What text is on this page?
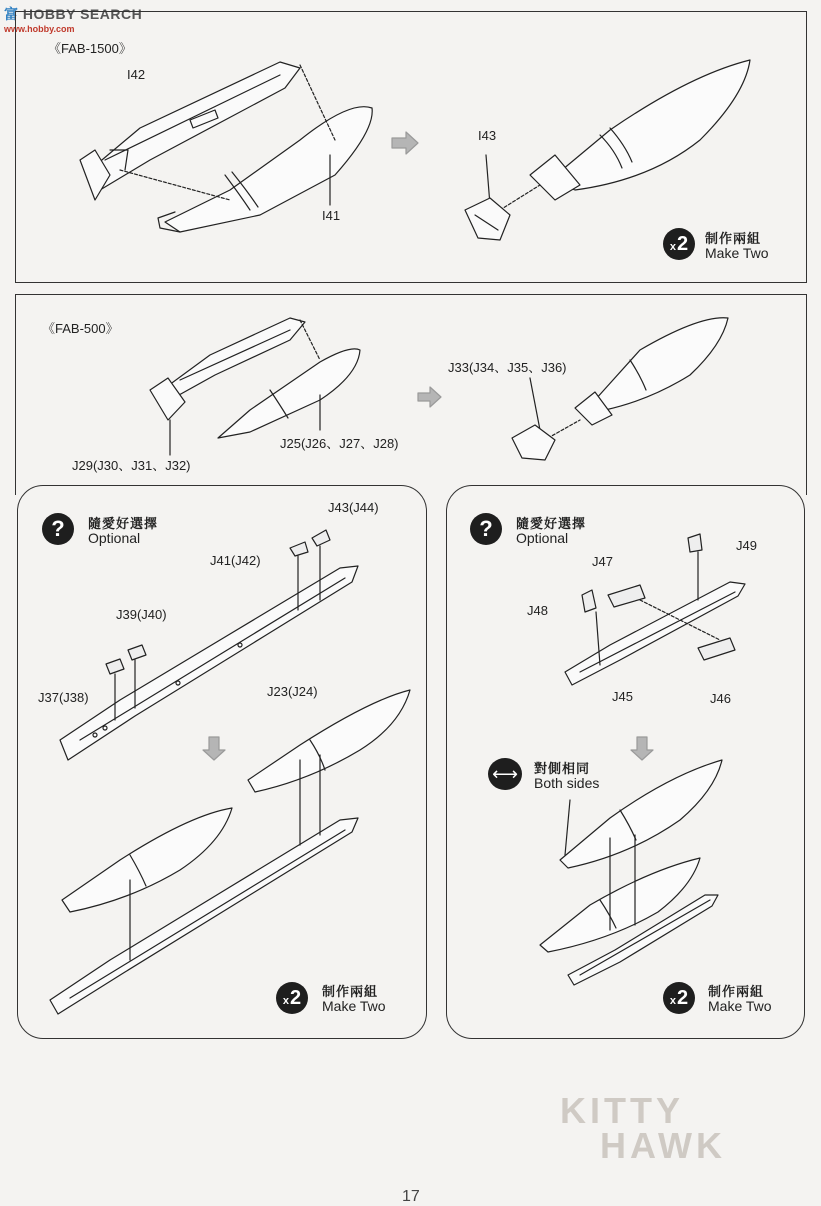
富 HOBBY SEARCH
www.hobby.com
KITTY
HAWK
《FAB-1500》
I42
I41
I43
x 2 制作兩組
Make Two
《FAB-500》
J29(J30、J31、J32)
J25(J26、J27、J28)
J33(J34、J35、J36)
?	隨愛好選擇
Optional
J43(J44)
J41(J42)
J39(J40)
J37(J38)	J23(J24)
x 2 制作兩組
Make Two
?	隨愛好選擇
Optional	J49
J47
J48
J45	J46
⟷	對側相同
Both sides
x 2 制作兩組
Make Two
17
